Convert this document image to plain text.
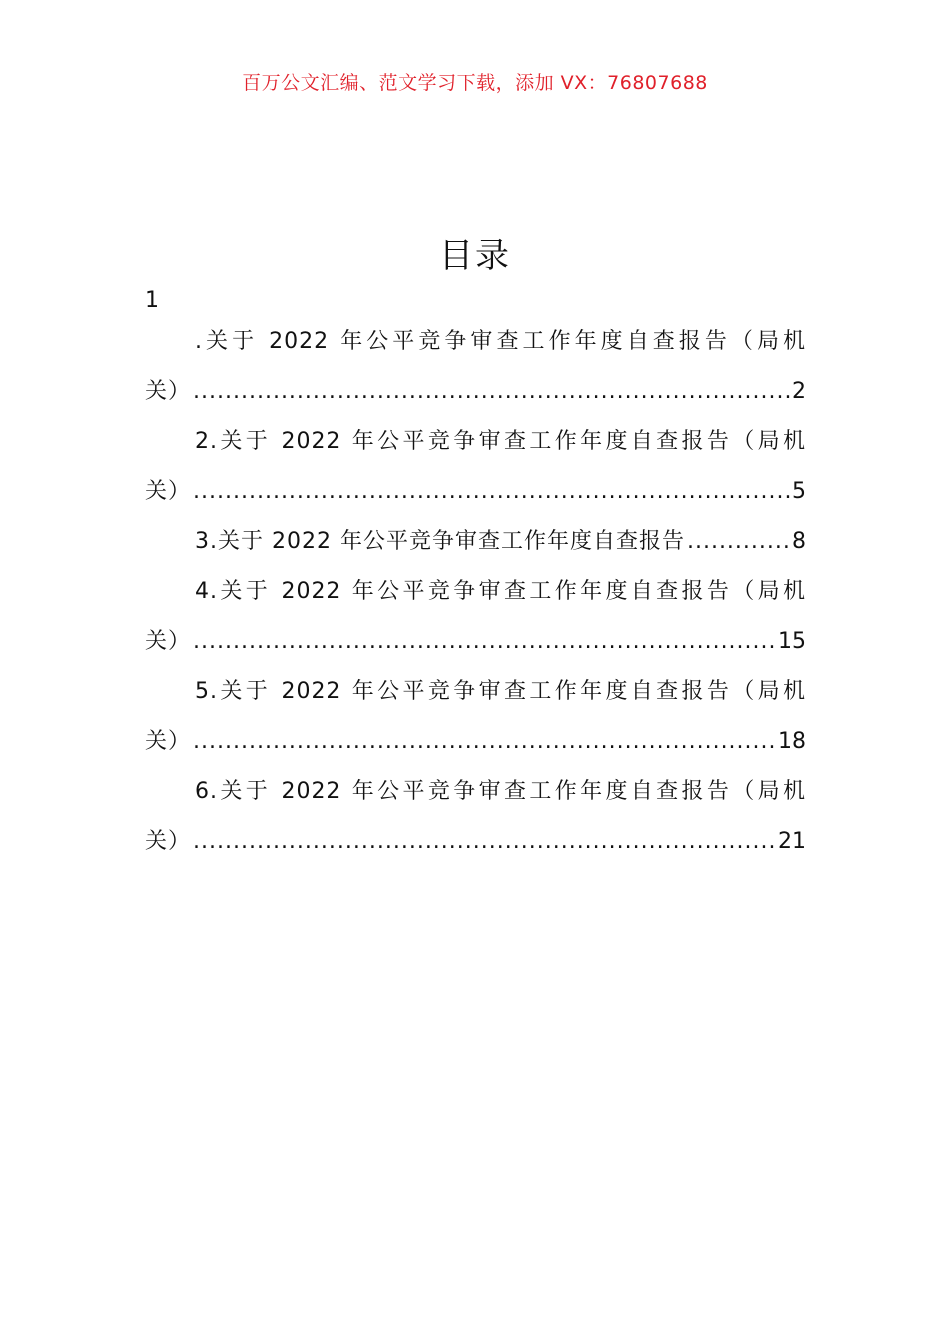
百万公文汇编、范文学习下载，添加 VX：76807688
目录
1
.关于 2022 年公平竞争审查工作年度自查报告（局机
关） .....	2
2.关于 2022 年公平竞争审查工作年度自查报告（局机
关） .....	5
3.关于 2022 年公平竞争审查工作年度自查报告 .....	8
4.关于 2022 年公平竞争审查工作年度自查报告（局机
关） .....	15
5.关于 2022 年公平竞争审查工作年度自查报告（局机
关） .....	18
6.关于 2022 年公平竞争审查工作年度自查报告（局机
关） .....	21
